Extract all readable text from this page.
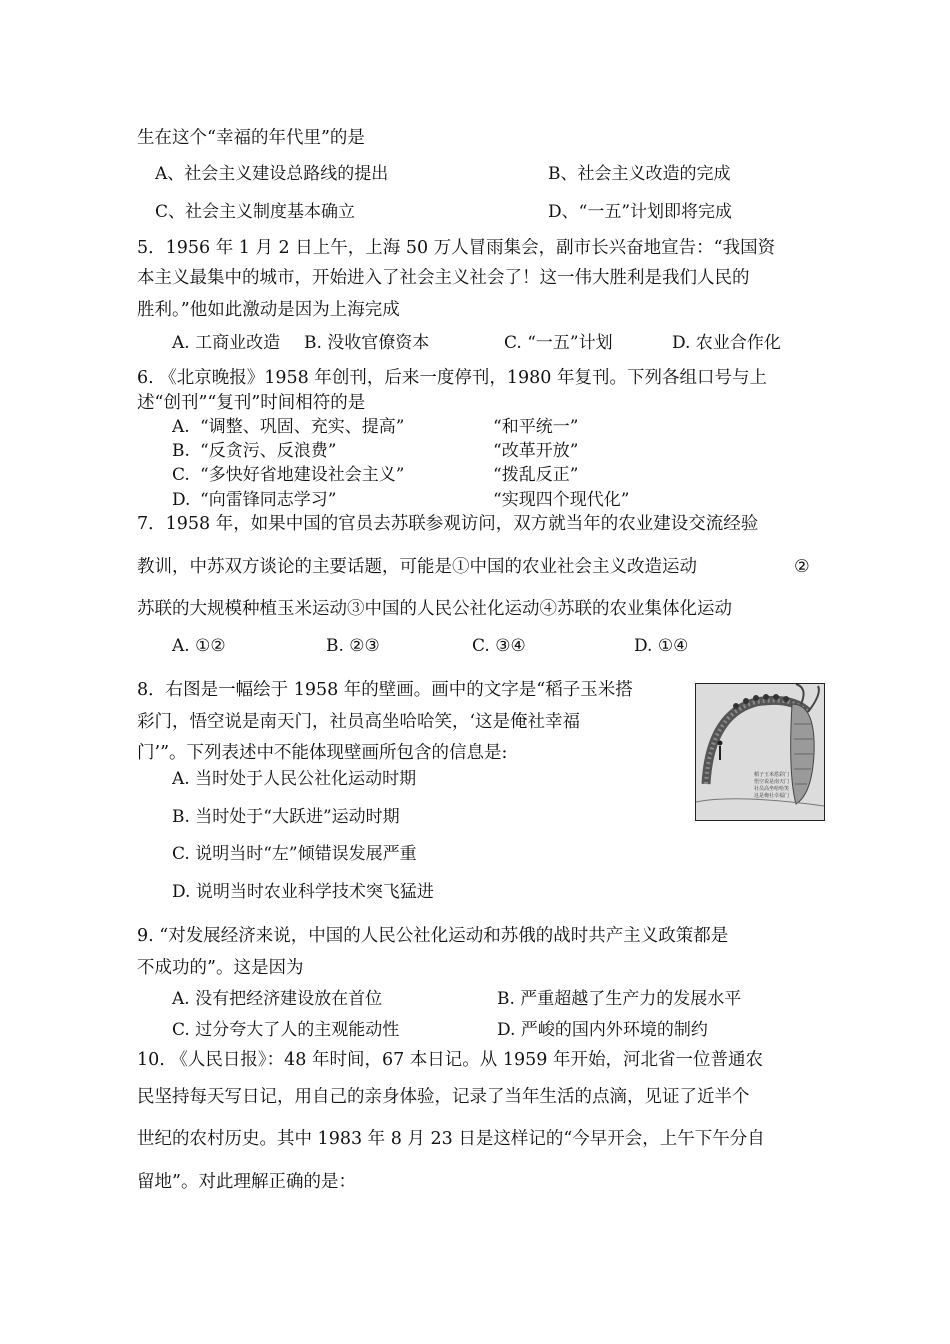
生在这个“幸福的年代里”的是
A、社会主义建设总路线的提出	B、社会主义改造的完成
C、社会主义制度基本确立	D、“一五”计划即将完成
5．1956 年 1 月 2 日上午，上海 50 万人冒雨集会，副市长兴奋地宣告：“我国资
本主义最集中的城市，开始进入了社会主义社会了！这一伟大胜利是我们人民的
胜利。”他如此激动是因为上海完成
A. 工商业改造 B. 没收官僚资本	C. “一五”计划	D. 农业合作化
6. 《北京晚报》1958 年创刊，后来一度停刊，1980 年复刊。下列各组口号与上
述“创刊”“复刊”时间相符的是
A. “调整、巩固、充实、提高”	“和平统一”
B. “反贪污、反浪费”	“改革开放”
C. “多快好省地建设社会主义”	“拨乱反正”
D. “向雷锋同志学习”	“实现四个现代化”
7．1958 年，如果中国的官员去苏联参观访问，双方就当年的农业建设交流经验
教训，中苏双方谈论的主要话题，可能是①中国的农业社会主义改造运动	②
苏联的大规模种植玉米运动③中国的人民公社化运动④苏联的农业集体化运动
A. ①②	B. ②③	C. ③④	D. ①④
8．右图是一幅绘于 1958 年的壁画。画中的文字是“稻子玉米搭
彩门，悟空说是南天门，社员高坐哈哈笑，‘这是俺社幸福
门’”。下列表述中不能体现壁画所包含的信息是:
A. 当时处于人民公社化运动时期
B. 当时处于“大跃进”运动时期
C. 说明当时“左”倾错误发展严重
D. 说明当时农业科学技术突飞猛进
稻子玉米搭彩门
悟空说是南天门
社员高坐哈哈笑
这是俺社幸福门
9. “对发展经济来说，中国的人民公社化运动和苏俄的战时共产主义政策都是
不成功的”。这是因为
A. 没有把经济建设放在首位	B. 严重超越了生产力的发展水平
C. 过分夸大了人的主观能动性	D. 严峻的国内外环境的制约
10. 《人民日报》：48 年时间，67 本日记。从 1959 年开始，河北省一位普通农
民坚持每天写日记，用自己的亲身体验，记录了当年生活的点滴，见证了近半个
世纪的农村历史。其中 1983 年 8 月 23 日是这样记的“今早开会，上午下午分自
留地”。对此理解正确的是：
